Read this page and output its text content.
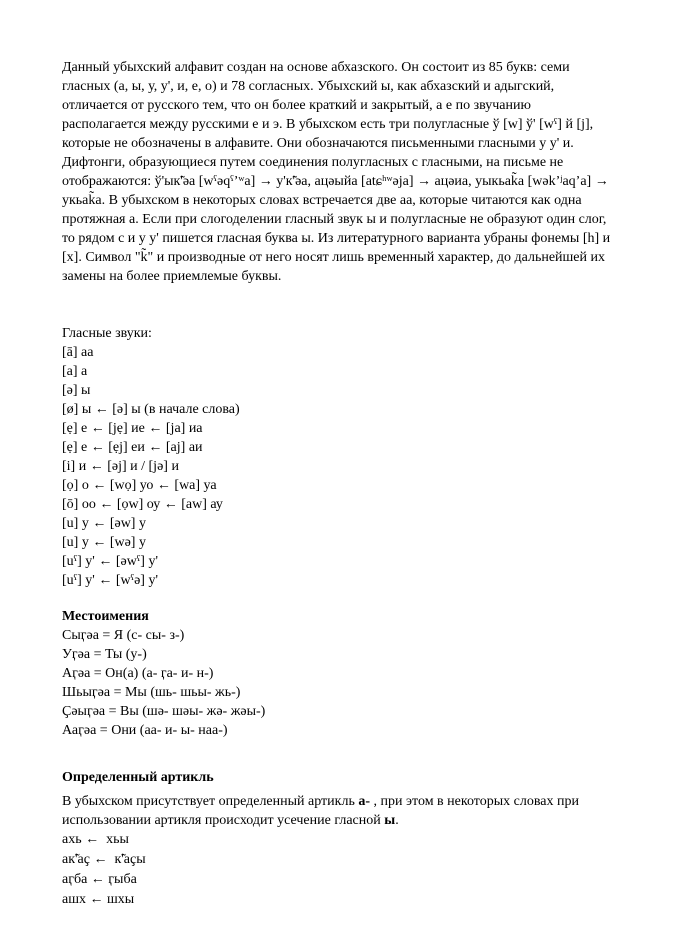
Данный убыхский алфавит создан на основе абхазского. Он состоит из 85 букв: семи гласных (а, ы, у, у', и, е, о) и 78 согласных. Убыхский ы, как абхазский и адыгский, отличается от русского тем, что он более краткий и закрытый, а е по звучанию располагается между русскими е и э. В убыхском есть три полугласные ў [w] ў' [wˤ] й [j], которые не обозначены в алфавите. Они обозначаются письменными гласными у у' и. Дифтонги, образующиеся путем соединения полугласных с гласными, на письме не отображаются: ў'ык̃'әа [wˤəqˤʼʷa] → у'к̃'әа, ацәыйа [atɕʰʷəja] → ацәиа, уыкьаk̃а [wəkʼʲaqʼa] → укьаk̃а. В убыхском в некоторых словах встречается две аа, которые читаются как одна протяжная а. Если при слогоделении гласный звук ы и полугласные не образуют один слог, то рядом с и у у' пишется гласная буква ы. Из литературного варианта убраны фонемы [h] и [x]. Символ "k̃" и производные от него носят лишь временный характер, до дальнейшей их замены на более приемлемые буквы.

Гласные звуки:
[ā] аа
[a] а
[ə] ы
[ø] ы ← [ə] ы (в начале слова)
[ẹ] е ← [jẹ] ие ← [ja] иа
[ẹ] е ← [ẹj] еи ← [aj] аи
[i] и ← [əj] и / [jə] и
[ọ] о ← [wọ] уо ← [wa] уа
[ō] оо ← [ọw] оу ← [aw] ау
[u] у ← [əw] у
[u] у ← [wə] у
[uˤ] у' ← [əwˤ] у'
[uˤ] у' ← [wˤə] у'
Местоимения
Сыӷәа = Я (с- сы- з-)
Уӷәа = Ты (у-)
Аӷәа = Он(а) (а- ӷа- и- н-)
Шьыӷәа = Мы (шь- шьы- жь-)
Ҫәыӷәа = Вы (шә- шәы- жә- жәы-)
Ааӷәа = Они (аа- и- ы- наа-)
Определенный артикль

В убыхском присутствует определенный артикль а- , при этом в некоторых словах при использовании артикля происходит усечение гласной ы.

ахь ←  хьы
ак̃'аҫ ←  к̃'аҫы
аӷба ← ӷыба
ашх ← шхы
